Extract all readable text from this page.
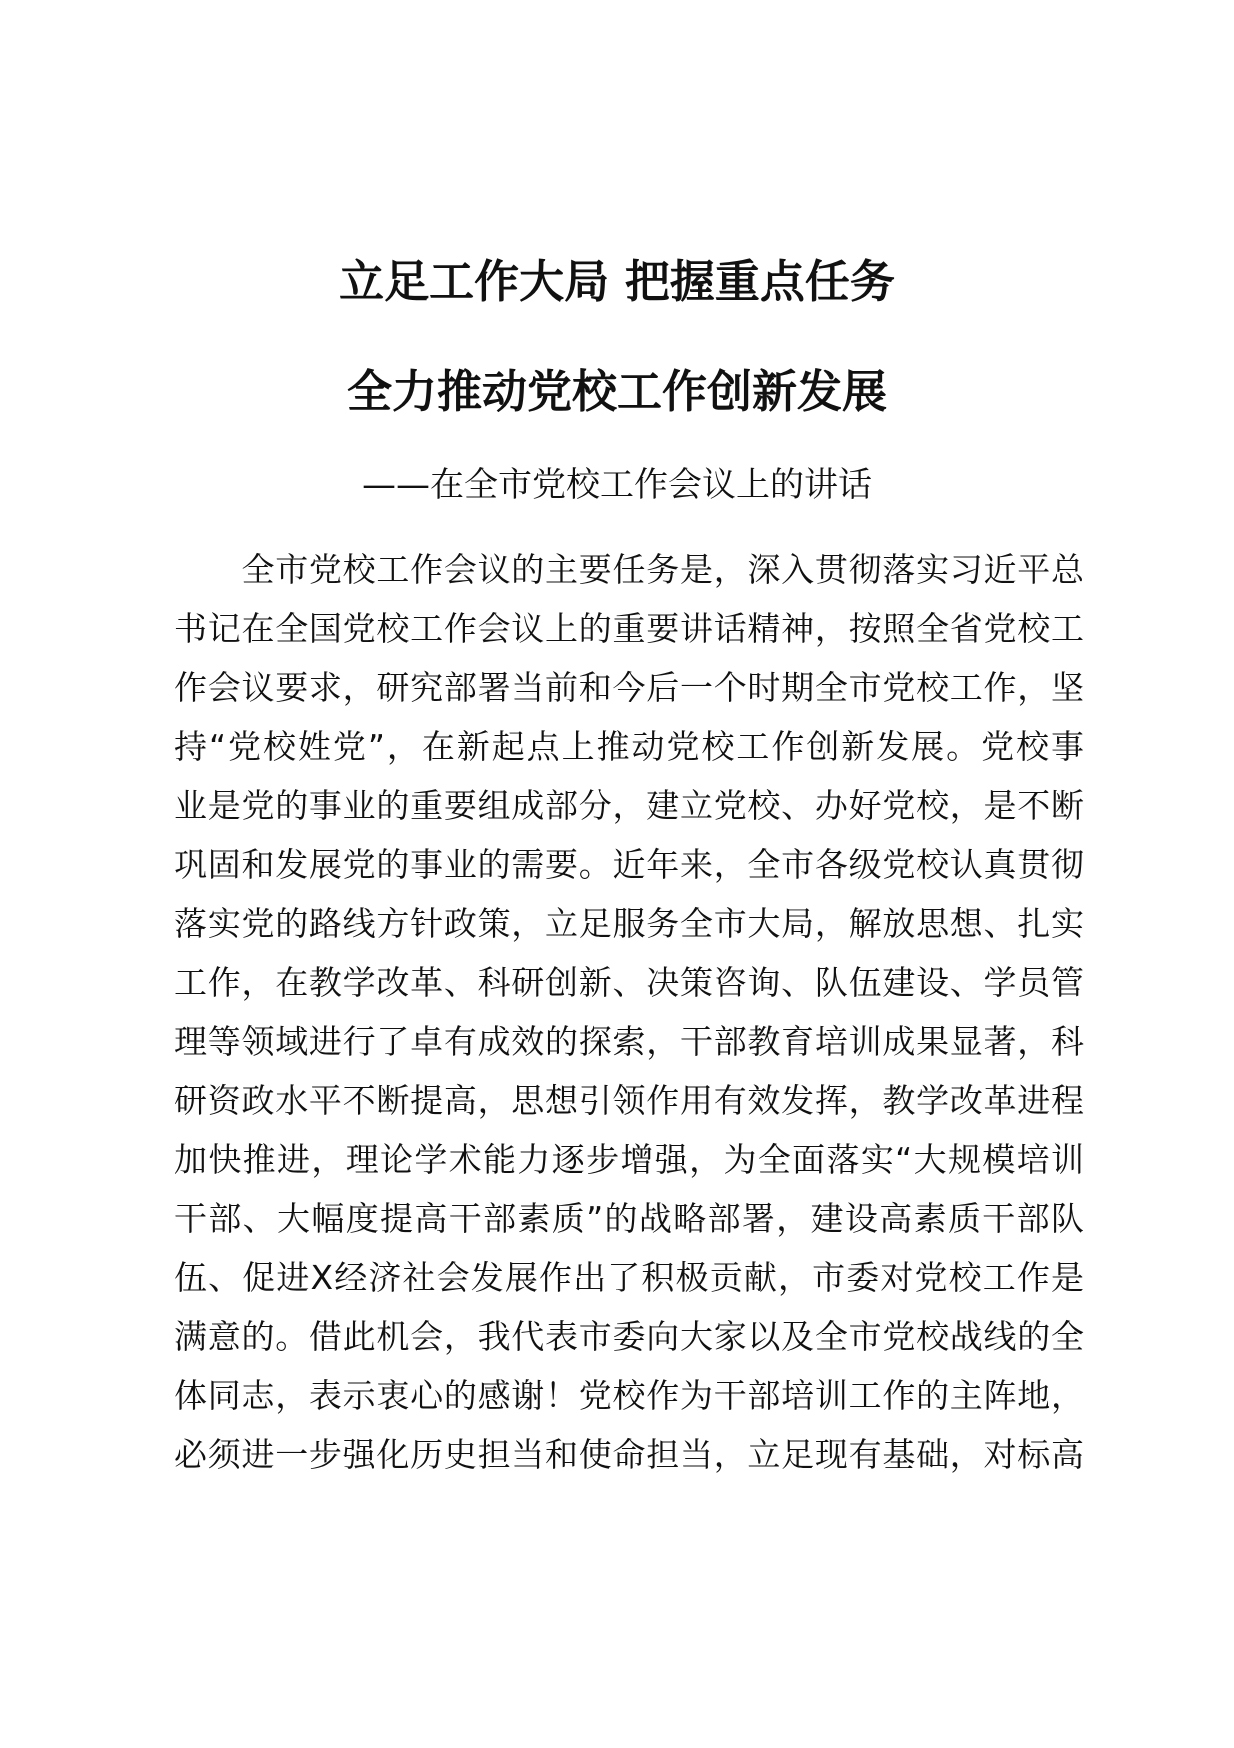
立足工作大局 把握重点任务
全力推动党校工作创新发展

——在全市党校工作会议上的讲话

　　全市党校工作会议的主要任务是，深入贯彻落实习近平总
书记在全国党校工作会议上的重要讲话精神，按照全省党校工
作会议要求，研究部署当前和今后一个时期全市党校工作，坚
持“党校姓党”，在新起点上推动党校工作创新发展。党校事
业是党的事业的重要组成部分，建立党校、办好党校，是不断
巩固和发展党的事业的需要。近年来，全市各级党校认真贯彻
落实党的路线方针政策，立足服务全市大局，解放思想、扎实
工作，在教学改革、科研创新、决策咨询、队伍建设、学员管
理等领域进行了卓有成效的探索，干部教育培训成果显著，科
研资政水平不断提高，思想引领作用有效发挥，教学改革进程
加快推进，理论学术能力逐步增强，为全面落实“大规模培训
干部、大幅度提高干部素质”的战略部署，建设高素质干部队
伍、促进X经济社会发展作出了积极贡献，市委对党校工作是
满意的。借此机会，我代表市委向大家以及全市党校战线的全
体同志，表示衷心的感谢！党校作为干部培训工作的主阵地，
必须进一步强化历史担当和使命担当，立足现有基础，对标高
